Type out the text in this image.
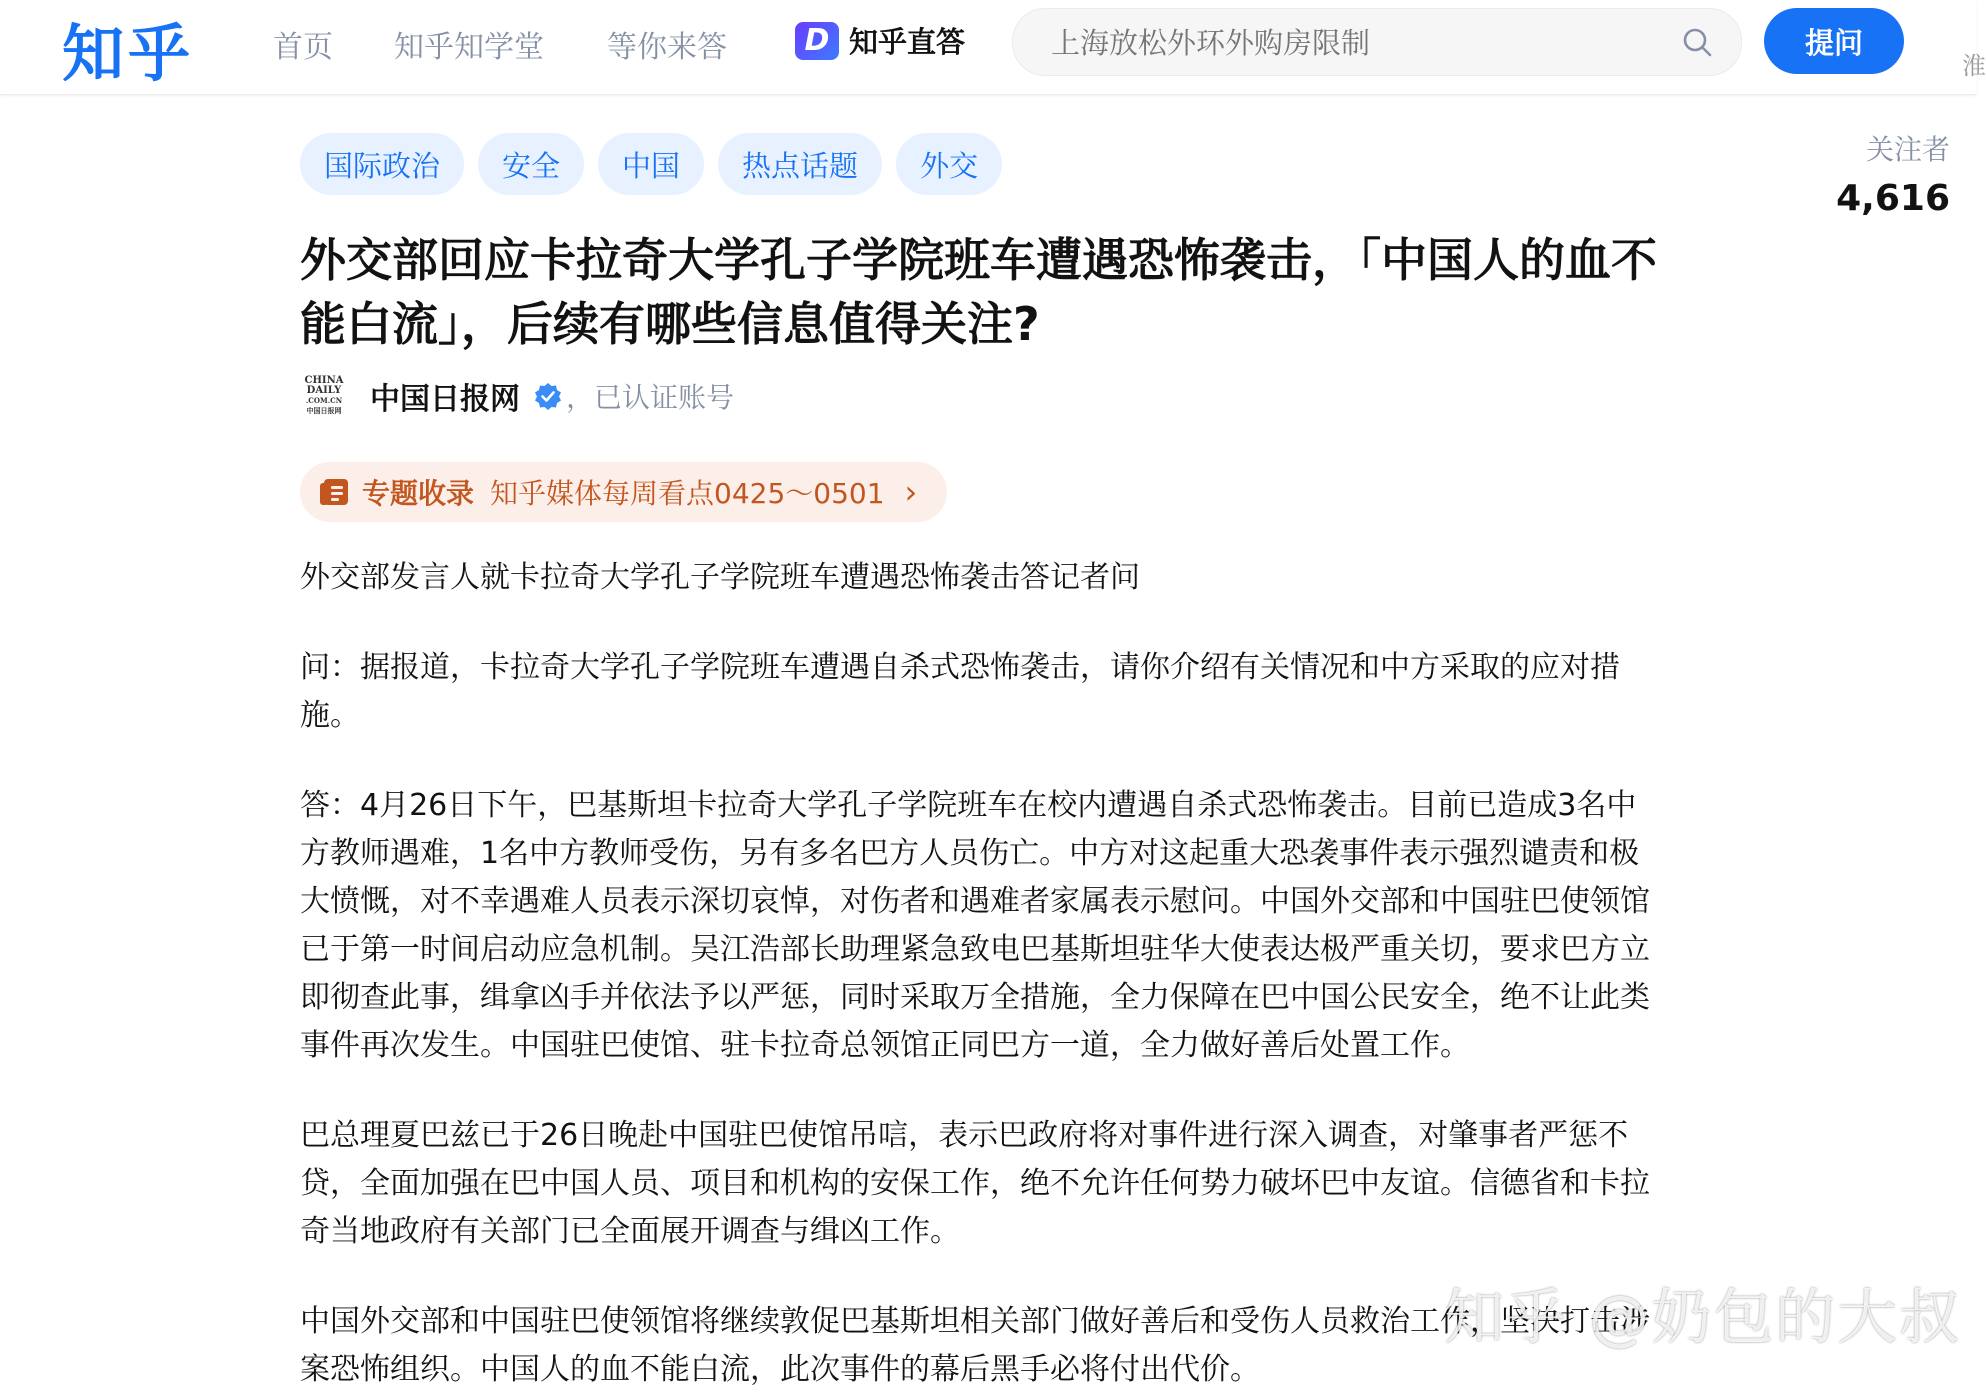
知乎	首页 知乎知学堂 等你来答	D 知乎直答
上海放松外环外购房限制	提问
淮
国际政治	安全	中国	热点话题	外交
外交部回应卡拉奇大学孔子学院班车遭遇恐怖袭击，「中国人的血不能白流」，后续有哪些信息值得关注?
CHINA
DAILY
.COM.CN
中国日报网 中国日报网 ，已认证账号
专题收录 知乎媒体每周看点0425～0501 ›

外交部发言人就卡拉奇大学孔子学院班车遭遇恐怖袭击答记者问

问：据报道，卡拉奇大学孔子学院班车遭遇自杀式恐怖袭击，请你介绍有关情况和中方采取的应对措施。

答：4月26日下午，巴基斯坦卡拉奇大学孔子学院班车在校内遭遇自杀式恐怖袭击。目前已造成3名中方教师遇难，1名中方教师受伤，另有多名巴方人员伤亡。中方对这起重大恐袭事件表示强烈谴责和极大愤慨，对不幸遇难人员表示深切哀悼，对伤者和遇难者家属表示慰问。中国外交部和中国驻巴使领馆已于第一时间启动应急机制。吴江浩部长助理紧急致电巴基斯坦驻华大使表达极严重关切，要求巴方立即彻查此事，缉拿凶手并依法予以严惩，同时采取万全措施，全力保障在巴中国公民安全，绝不让此类事件再次发生。中国驻巴使馆、驻卡拉奇总领馆正同巴方一道，全力做好善后处置工作。

巴总理夏巴兹已于26日晚赴中国驻巴使馆吊唁，表示巴政府将对事件进行深入调查，对肇事者严惩不贷，全面加强在巴中国人员、项目和机构的安保工作，绝不允许任何势力破坏巴中友谊。信德省和卡拉奇当地政府有关部门已全面展开调查与缉凶工作。

中国外交部和中国驻巴使领馆将继续敦促巴基斯坦相关部门做好善后和受伤人员救治工作，坚决打击涉案恐怖组织。中国人的血不能白流，此次事件的幕后黑手必将付出代价。

关注者
4,616
知乎 @奶包的大叔
